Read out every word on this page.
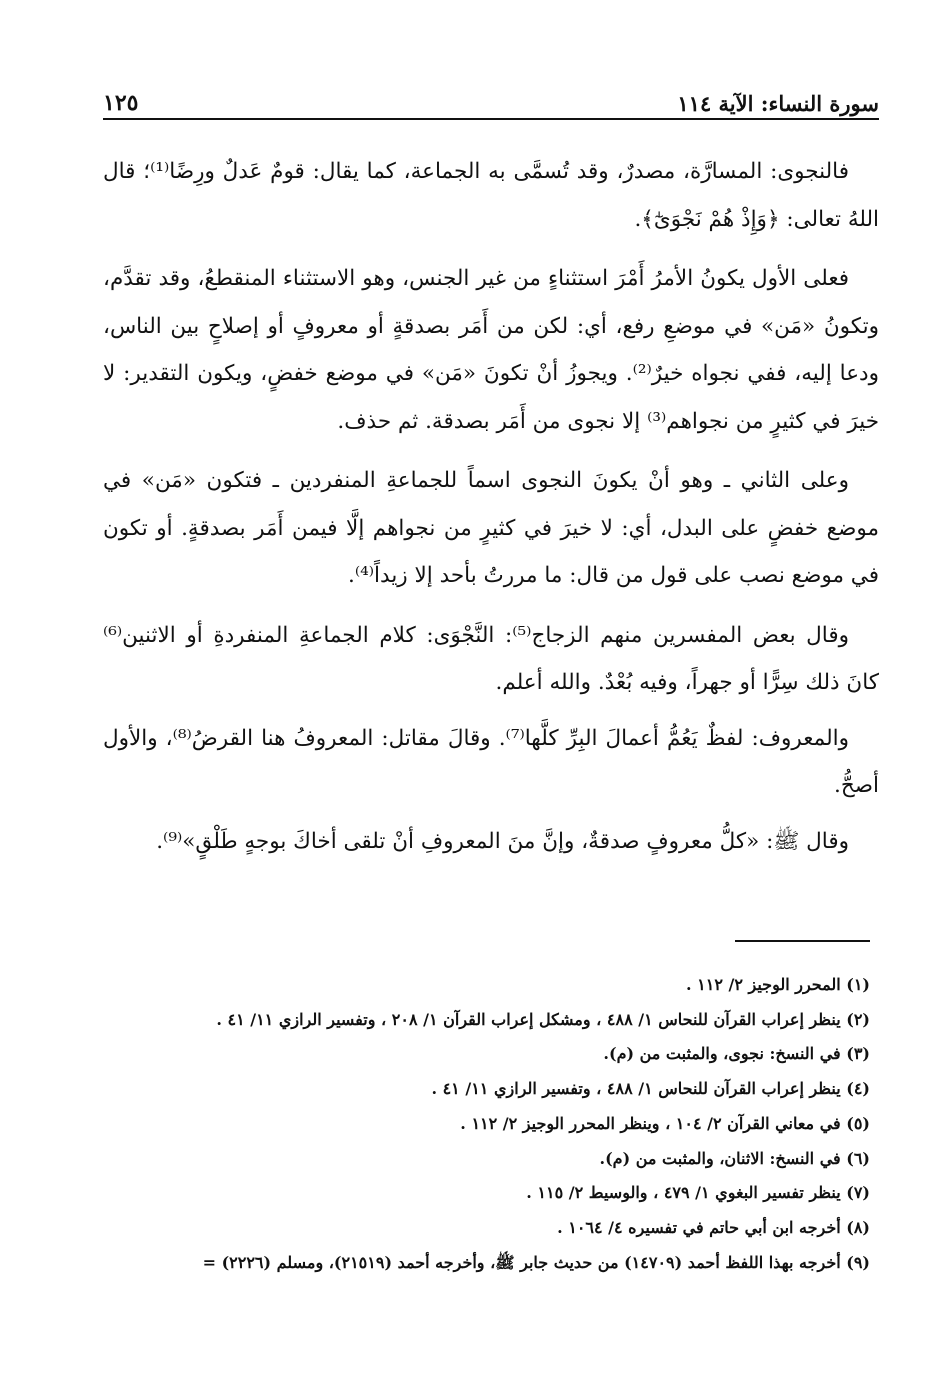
سورة النساء: الآية ١١٤
١٢٥

فالنجوى: المسارَّة، مصدرٌ، وقد تُسمَّى به الجماعة، كما يقال: قومٌ عَدلٌ ورِضًا⁽¹⁾؛ قال اللهُ تعالى: ﴿وَإِذْ هُمْ نَجْوَىٰٓ﴾.

فعلى الأول يكونُ الأمرُ أَمْرَ استثناءٍ من غير الجنس، وهو الاستثناء المنقطعُ، وقد تقدَّم، وتكونُ «مَن» في موضعِ رفع، أي: لكن من أَمَر بصدقةٍ أو معروفٍ أو إصلاحٍ بين الناس، ودعا إليه، ففي نجواه خيرٌ⁽²⁾. ويجوزُ أنْ تكونَ «مَن» في موضع خفضٍ، ويكون التقدير: لا خيرَ في كثيرٍ من نجواهم⁽³⁾ إلا نجوى من أَمَر بصدقة. ثم حذف.

وعلى الثاني ـ وهو أنْ يكونَ النجوى اسماً للجماعةِ المنفردين ـ فتكون «مَن» في موضع خفضٍ على البدل، أي: لا خيرَ في كثيرٍ من نجواهم إلَّا فيمن أَمَر بصدقةٍ. أو تكون في موضع نصب على قول من قال: ما مررتُ بأحد إلا زيداً⁽⁴⁾.

وقال بعض المفسرين منهم الزجاج⁽⁵⁾: النَّجْوَى: كلام الجماعةِ المنفردةِ أو الاثنين⁽⁶⁾ كانَ ذلك سِرًّا أو جهراً، وفيه بُعْدٌ. والله أعلم.

والمعروف: لفظٌ يَعُمُّ أعمالَ البِرِّ كلَّها⁽⁷⁾. وقالَ مقاتل: المعروفُ هنا القرضُ⁽⁸⁾، والأول أصحُّ.

وقال ﷺ: «كلُّ معروفٍ صدقةٌ، وإنَّ منَ المعروفِ أنْ تلقى أخاكَ بوجهٍ طَلْقٍ»⁽⁹⁾.

(١) المحرر الوجيز ٢/ ١١٢ .
(٢) ينظر إعراب القرآن للنحاس ١/ ٤٨٨ ، ومشكل إعراب القرآن ١/ ٢٠٨ ، وتفسير الرازي ١١/ ٤١ .
(٣) في النسخ: نجوى، والمثبت من (م).
(٤) ينظر إعراب القرآن للنحاس ١/ ٤٨٨ ، وتفسير الرازي ١١/ ٤١ .
(٥) في معاني القرآن ٢/ ١٠٤ ، وينظر المحرر الوجيز ٢/ ١١٢ .
(٦) في النسخ: الاثنان، والمثبت من (م).
(٧) ينظر تفسير البغوي ١/ ٤٧٩ ، والوسيط ٢/ ١١٥ .
(٨) أخرجه ابن أبي حاتم في تفسيره ٤/ ١٠٦٤ .
(٩) أخرجه بهذا اللفظ أحمد (١٤٧٠٩) من حديث جابر ﷺ، وأخرجه أحمد (٢١٥١٩)، ومسلم (٢٢٢٦) =
